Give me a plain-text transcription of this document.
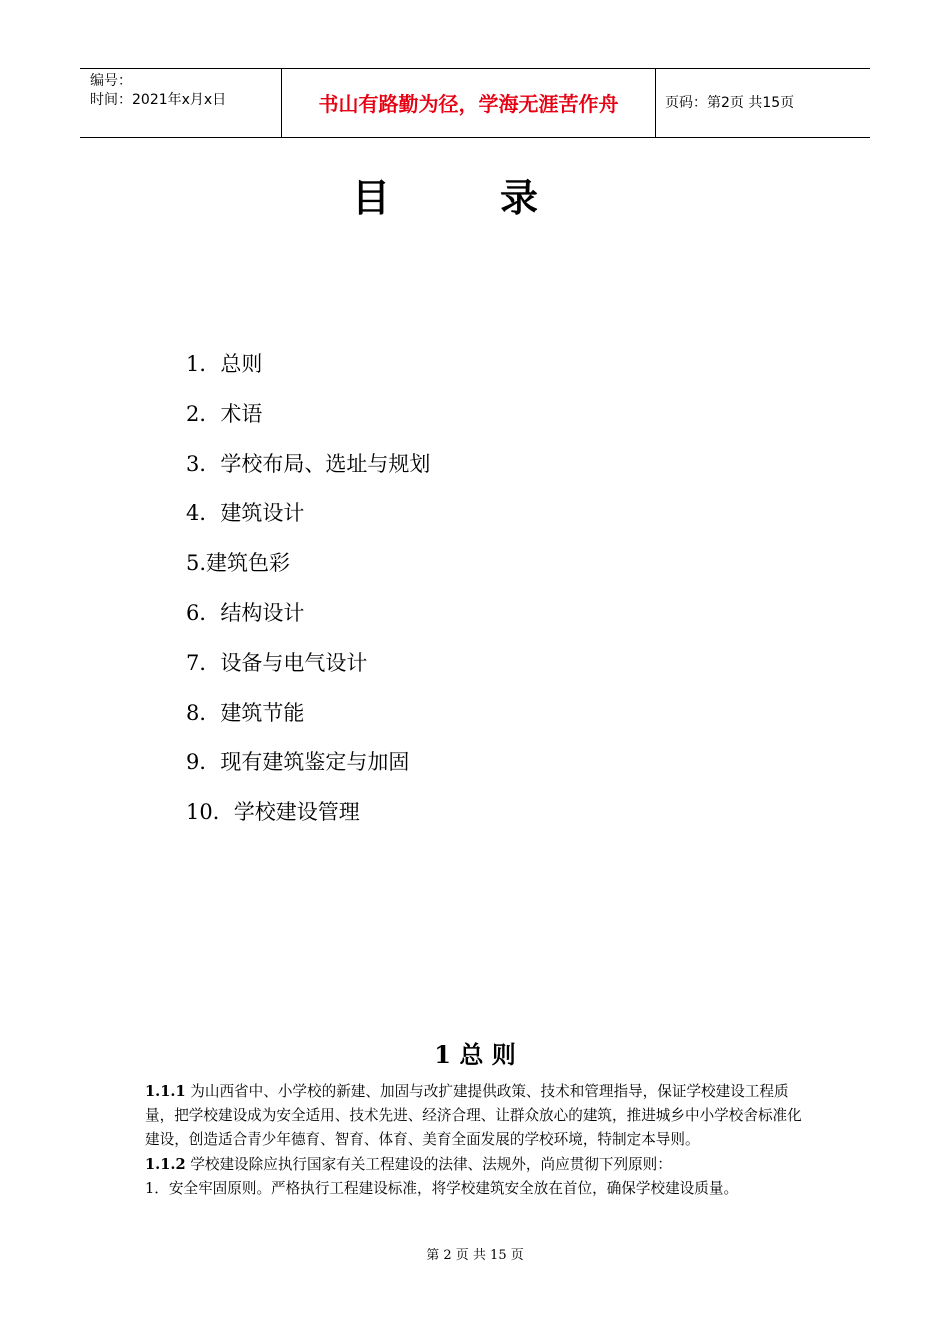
编号：
时间：2021年x月x日	书山有路勤为径，学海无涯苦作舟	页码：第2页 共15页
目录
1．总则
2．术语
3．学校布局、选址与规划
4．建筑设计
5.建筑色彩
6．结构设计
7．设备与电气设计
8．建筑节能
9．现有建筑鉴定与加固
10．学校建设管理
1 总 则

1.1.1 为山西省中、小学校的新建、加固与改扩建提供政策、技术和管理指导，保证学校建设工程质量，把学校建设成为安全适用、技术先进、经济合理、让群众放心的建筑，推进城乡中小学校舍标准化建设，创造适合青少年德育、智育、体育、美育全面发展的学校环境，特制定本导则。

1.1.2 学校建设除应执行国家有关工程建设的法律、法规外，尚应贯彻下列原则：

1．安全牢固原则。严格执行工程建设标准，将学校建筑安全放在首位，确保学校建设质量。

第 2 页 共 15 页
